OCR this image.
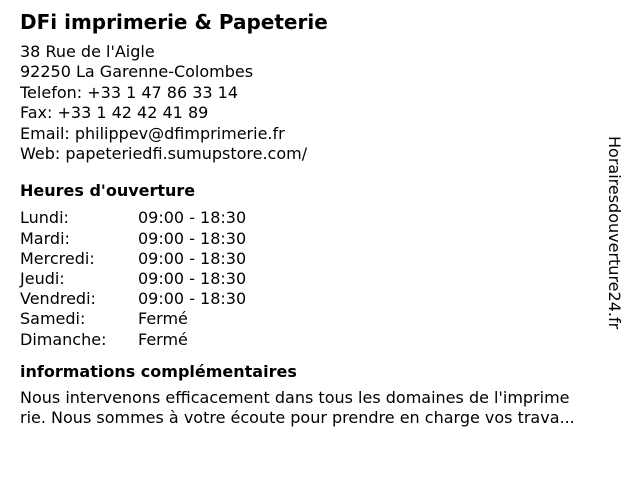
DFi imprimerie & Papeterie
38 Rue de l'Aigle
92250 La Garenne-Colombes
Telefon: +33 1 47 86 33 14
Fax: +33 1 42 42 41 89
Email: philippev@dfimprimerie.fr
Web: papeteriedfi.sumupstore.com/
Heures d'ouverture
Lundi:	09:00 - 18:30
Mardi:	09:00 - 18:30
Mercredi:	09:00 - 18:30
Jeudi:	09:00 - 18:30
Vendredi:	09:00 - 18:30
Samedi:	Fermé
Dimanche: Fermé
informations complémentaires
Nous intervenons efficacement dans tous les domaines de l'imprime
rie. Nous sommes à votre écoute pour prendre en charge vos trava...
Horairesdouverture24.fr
